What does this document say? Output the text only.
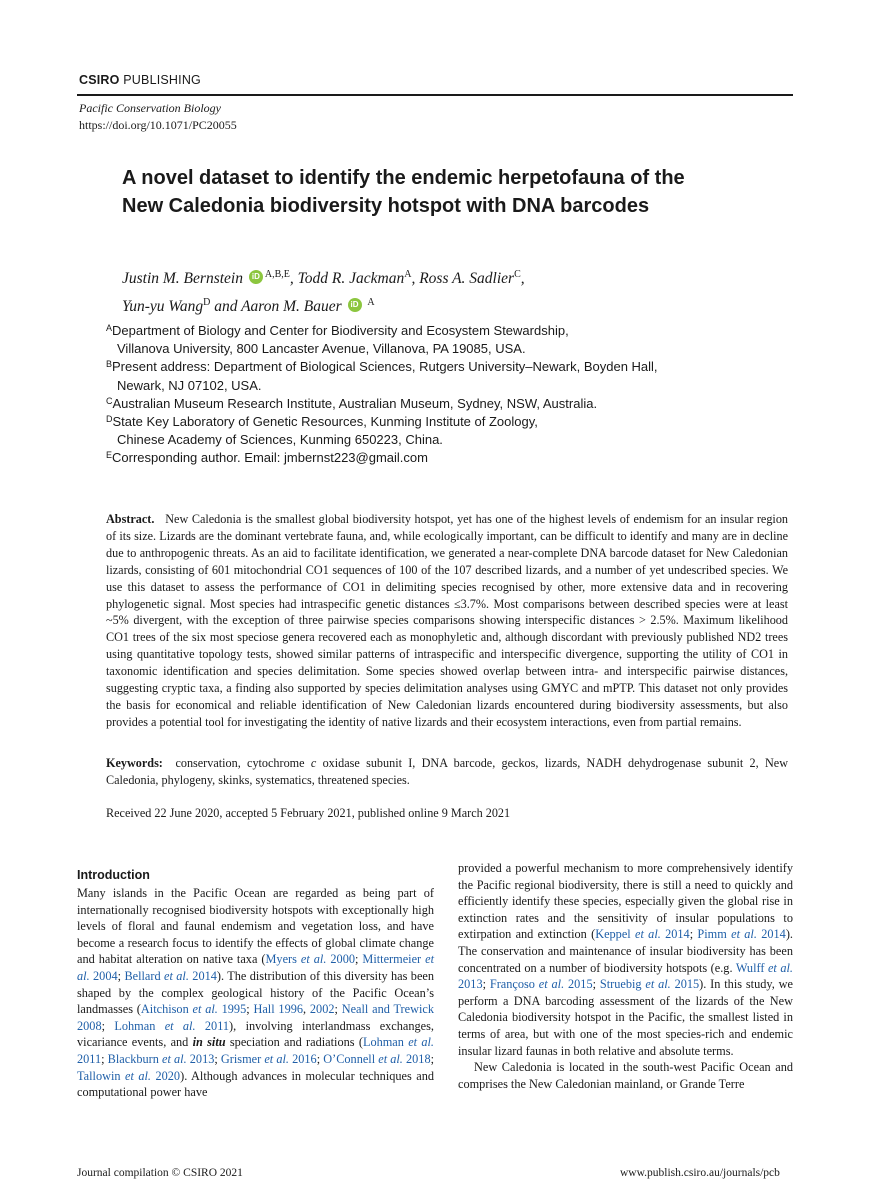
CSIRO PUBLISHING
Pacific Conservation Biology
https://doi.org/10.1071/PC20055
A novel dataset to identify the endemic herpetofauna of the
New Caledonia biodiversity hotspot with DNA barcodes
Justin M. Bernstein iD $^{A,B,E}$, Todd R. Jackman$^A$, Ross A. Sadlier$^C$,
Yun-yu Wang$^D$ and Aaron M. Bauer iD $^A$
$^A$Department of Biology and Center for Biodiversity and Ecosystem Stewardship,
Villanova University, 800 Lancaster Avenue, Villanova, PA 19085, USA.
$^B$Present address: Department of Biological Sciences, Rutgers University–Newark, Boyden Hall,
Newark, NJ 07102, USA.
$^C$Australian Museum Research Institute, Australian Museum, Sydney, NSW, Australia.
$^D$State Key Laboratory of Genetic Resources, Kunming Institute of Zoology,
Chinese Academy of Sciences, Kunming 650223, China.
$^E$Corresponding author. Email: jmbernst223@gmail.com
Abstract. New Caledonia is the smallest global biodiversity hotspot, yet has one of the highest levels of endemism for an insular region of its size. Lizards are the dominant vertebrate fauna, and, while ecologically important, can be difficult to identify and many are in decline due to anthropogenic threats. As an aid to facilitate identification, we generated a near-complete DNA barcode dataset for New Caledonian lizards, consisting of 601 mitochondrial CO1 sequences of 100 of the 107 described lizards, and a number of yet undescribed species. We use this dataset to assess the performance of CO1 in delimiting species recognised by other, more extensive data and in recovering phylogenetic signal. Most species had intraspecific genetic distances ≤3.7%. Most comparisons between described species were at least ~5% divergent, with the exception of three pairwise species comparisons showing interspecific distances > 2.5%. Maximum likelihood CO1 trees of the six most speciose genera recovered each as monophyletic and, although discordant with previously published ND2 trees using quantitative topology tests, showed similar patterns of intraspecific and interspecific divergence, supporting the utility of CO1 in taxonomic identification and species delimitation. Some species showed overlap between intra- and interspecific pairwise distances, suggesting cryptic taxa, a finding also supported by species delimitation analyses using GMYC and mPTP. This dataset not only provides the basis for economical and reliable identification of New Caledonian lizards encountered during biodiversity assessments, but also provides a potential tool for investigating the identity of native lizards and their ecosystem interactions, even from partial remains.
Keywords: conservation, cytochrome c oxidase subunit I, DNA barcode, geckos, lizards, NADH dehydrogenase subunit 2, New Caledonia, phylogeny, skinks, systematics, threatened species.
Received 22 June 2020, accepted 5 February 2021, published online 9 March 2021
Introduction

Many islands in the Pacific Ocean are regarded as being part of internationally recognised biodiversity hotspots with exceptionally high levels of floral and faunal endemism and vegetation loss, and have become a research focus to identify the effects of global climate change and habitat alteration on native taxa (Myers et al. 2000; Mittermeier et al. 2004; Bellard et al. 2014). The distribution of this diversity has been shaped by the complex geological history of the Pacific Ocean’s landmasses (Aitchison et al. 1995; Hall 1996, 2002; Neall and Trewick 2008; Lohman et al. 2011), involving interlandmass exchanges, vicariance events, and in situ speciation and radiations (Lohman et al. 2011; Blackburn et al. 2013; Grismer et al. 2016; O’Connell et al. 2018; Tallowin et al. 2020). Although advances in molecular techniques and computational power have

provided a powerful mechanism to more comprehensively identify the Pacific regional biodiversity, there is still a need to quickly and efficiently identify these species, especially given the global rise in extinction rates and the sensitivity of insular populations to extirpation and extinction (Keppel et al. 2014; Pimm et al. 2014). The conservation and maintenance of insular biodiversity has been concentrated on a number of biodiversity hotspots (e.g. Wulff et al. 2013; Françoso et al. 2015; Struebig et al. 2015). In this study, we perform a DNA barcoding assessment of the lizards of the New Caledonia biodiversity hotspot in the Pacific, the smallest listed in terms of area, but with one of the most species-rich and endemic insular lizard faunas in both relative and absolute terms.

New Caledonia is located in the south-west Pacific Ocean and comprises the New Caledonian mainland, or Grande Terre

Journal compilation © CSIRO 2021	www.publish.csiro.au/journals/pcb
